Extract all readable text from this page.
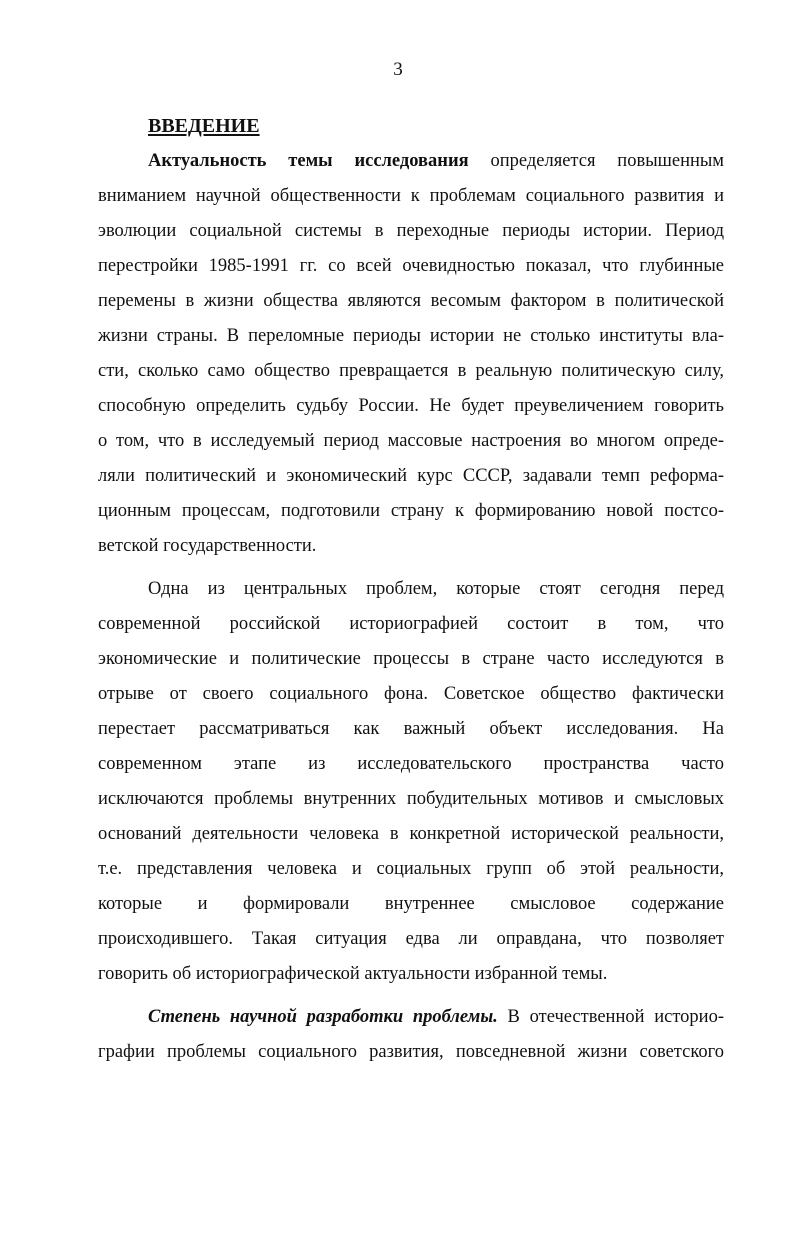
3
ВВЕДЕНИЕ
Актуальность темы исследования определяется повышенным
вниманием научной общественности к проблемам социального развития и
эволюции социальной системы в переходные периоды истории. Период
перестройки 1985-1991 гг. со всей очевидностью показал, что глубинные
перемены в жизни общества являются весомым фактором в политической
жизни страны. В переломные периоды истории не столько институты вла-
сти, сколько само общество превращается в реальную политическую силу,
способную определить судьбу России. Не будет преувеличением говорить
о том, что в исследуемый период массовые настроения во многом опреде-
ляли политический и экономический курс СССР, задавали темп реформа-
ционным процессам, подготовили страну к формированию новой постсо-
ветской государственности.
Одна из центральных проблем, которые стоят сегодня перед
современной российской историографией состоит в том, что
экономические и политические процессы в стране часто исследуются в
отрыве от своего социального фона. Советское общество фактически
перестает рассматриваться как важный объект исследования. На
современном этапе из исследовательского пространства часто
исключаются проблемы внутренних побудительных мотивов и смысловых
оснований деятельности человека в конкретной исторической реальности,
т.е. представления человека и социальных групп об этой реальности,
которые и формировали внутреннее смысловое содержание
происходившего. Такая ситуация едва ли оправдана, что позволяет
говорить об историографической актуальности избранной темы.
Степень научной разработки проблемы. В отечественной историо-
графии проблемы социального развития, повседневной жизни советского
